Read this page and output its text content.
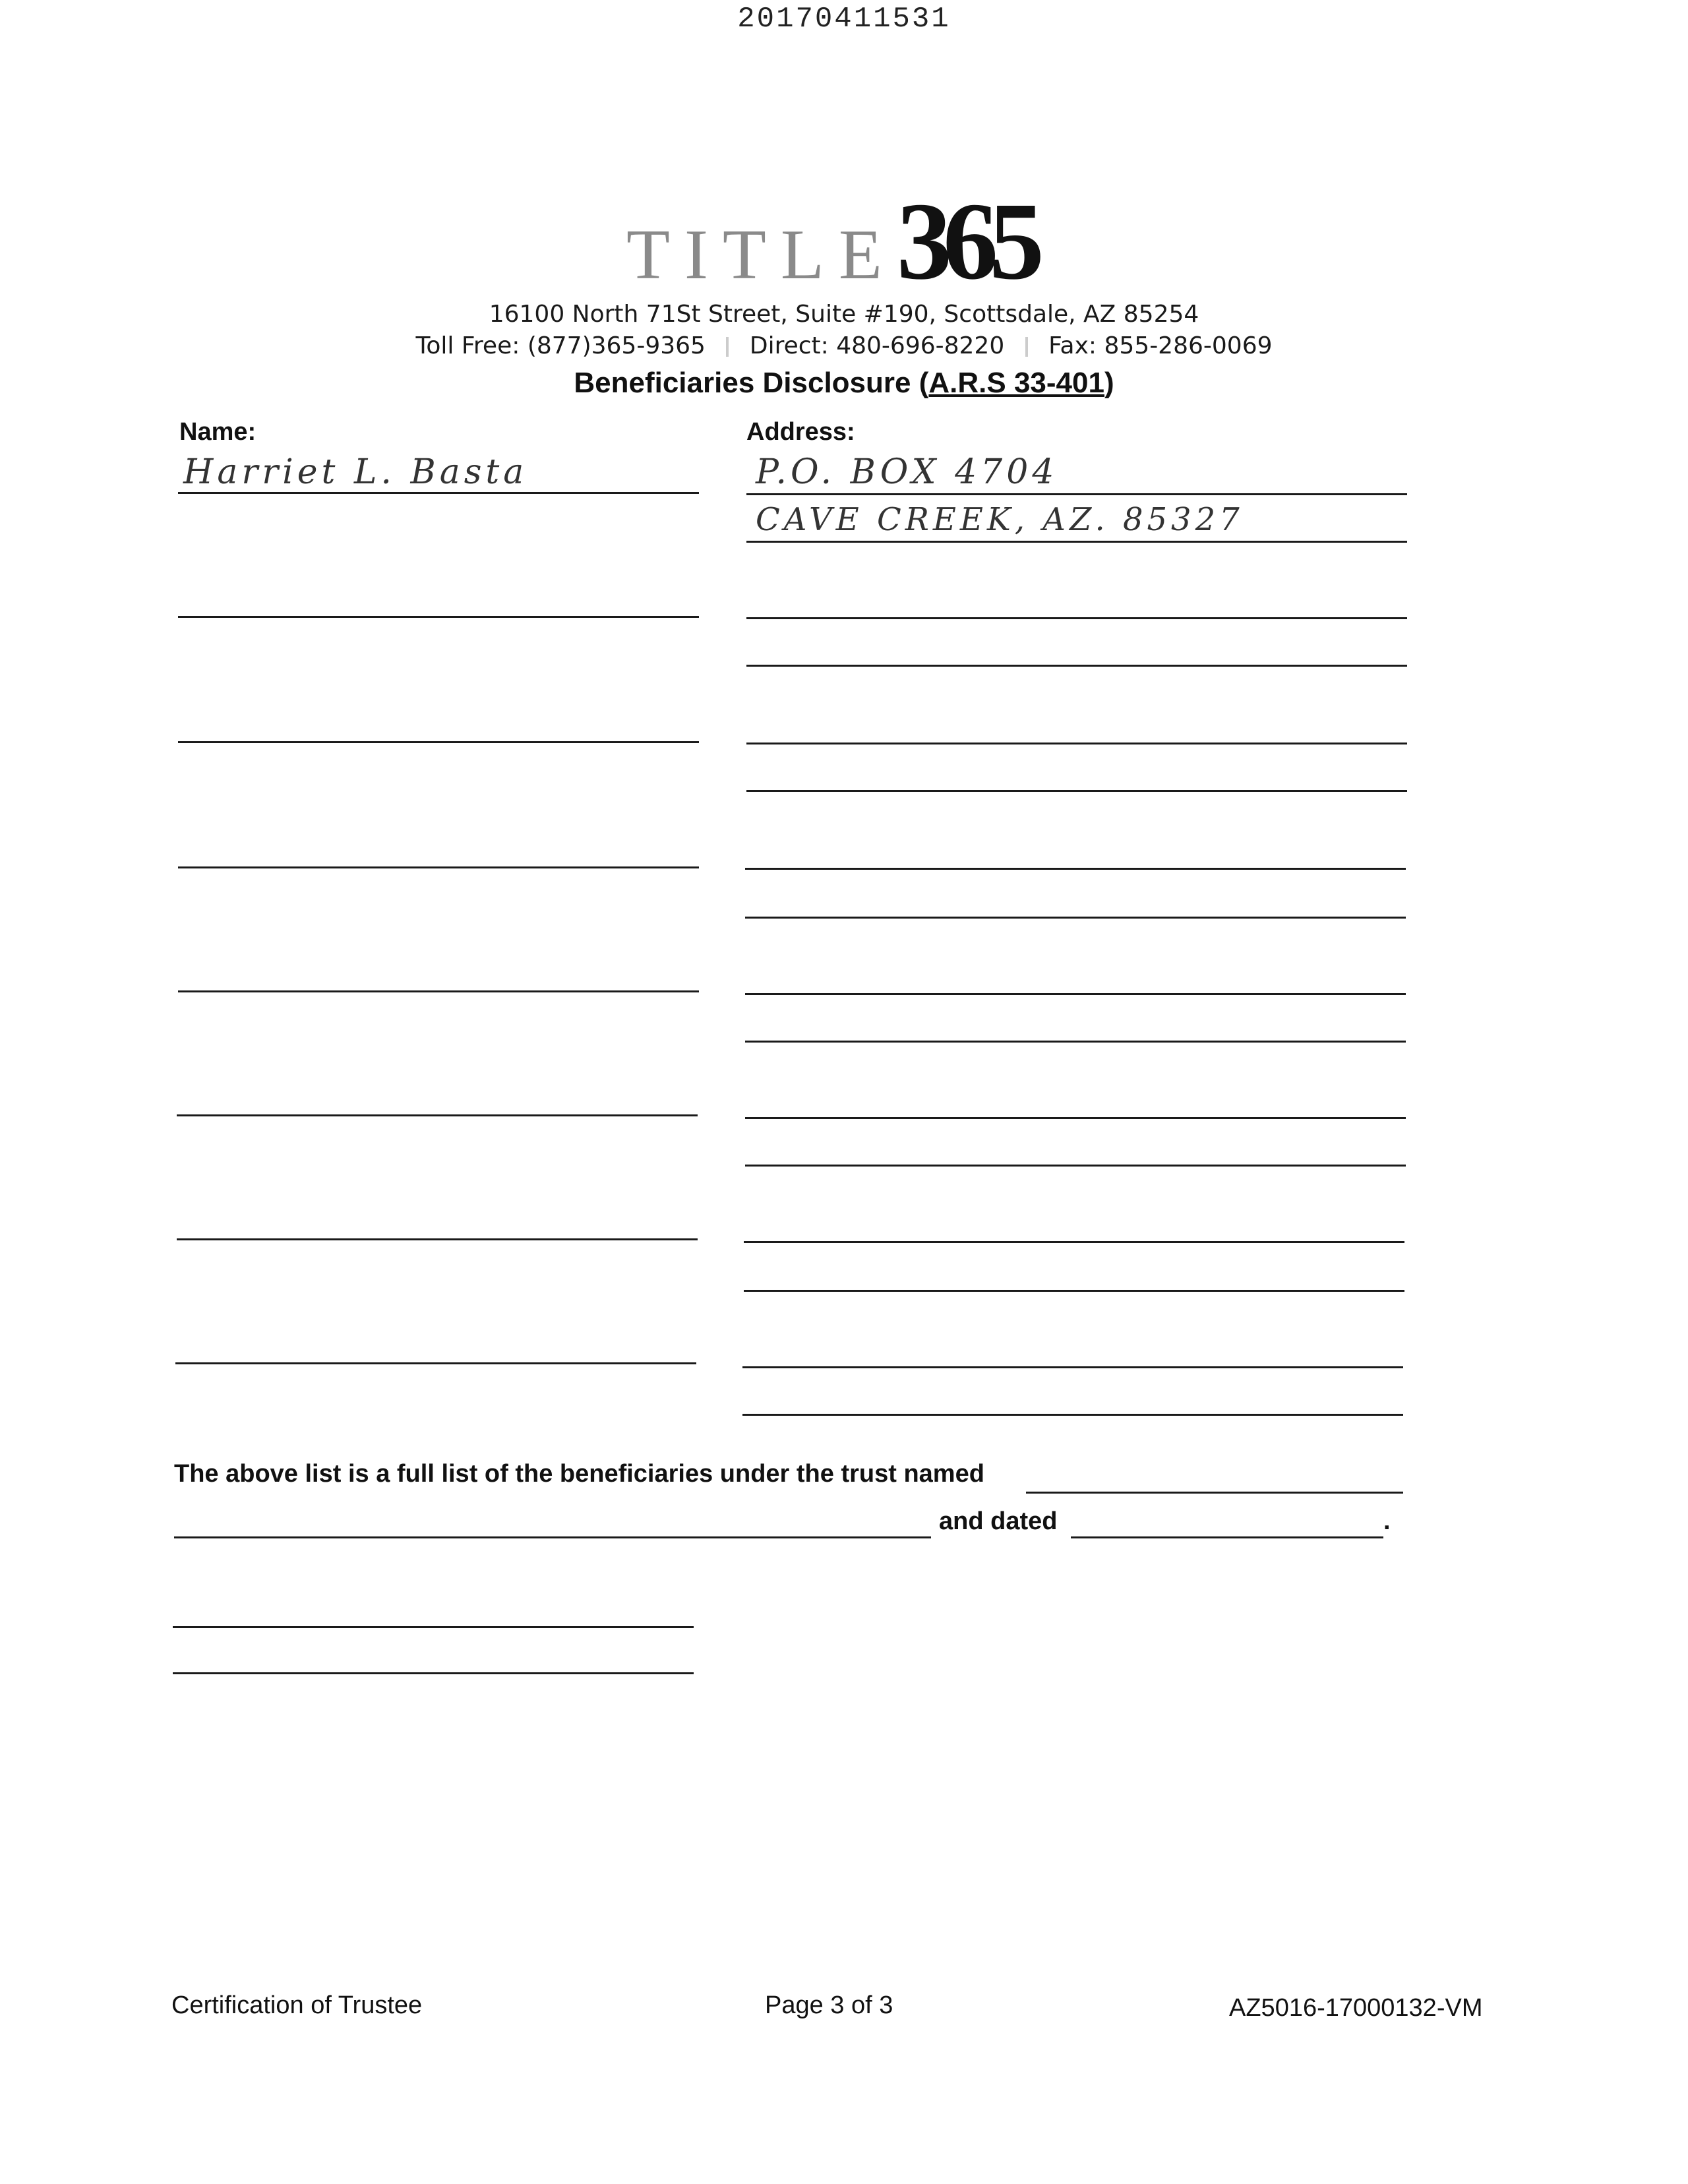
20170411531
TITLE365
16100 North 71St Street, Suite #190, Scottsdale, AZ 85254
Toll Free: (877)365-9365 Direct: 480-696-8220 Fax: 855-286-0069
Beneficiaries Disclosure (A.R.S 33-401)
Name:	Address:
Harriet L. Basta	P.O. BOX 4704
CAVE CREEK, AZ. 85327
The above list is a full list of the beneficiaries under the trust named
and dated	.
Certification of Trustee	Page 3 of 3	AZ5016-17000132-VM
